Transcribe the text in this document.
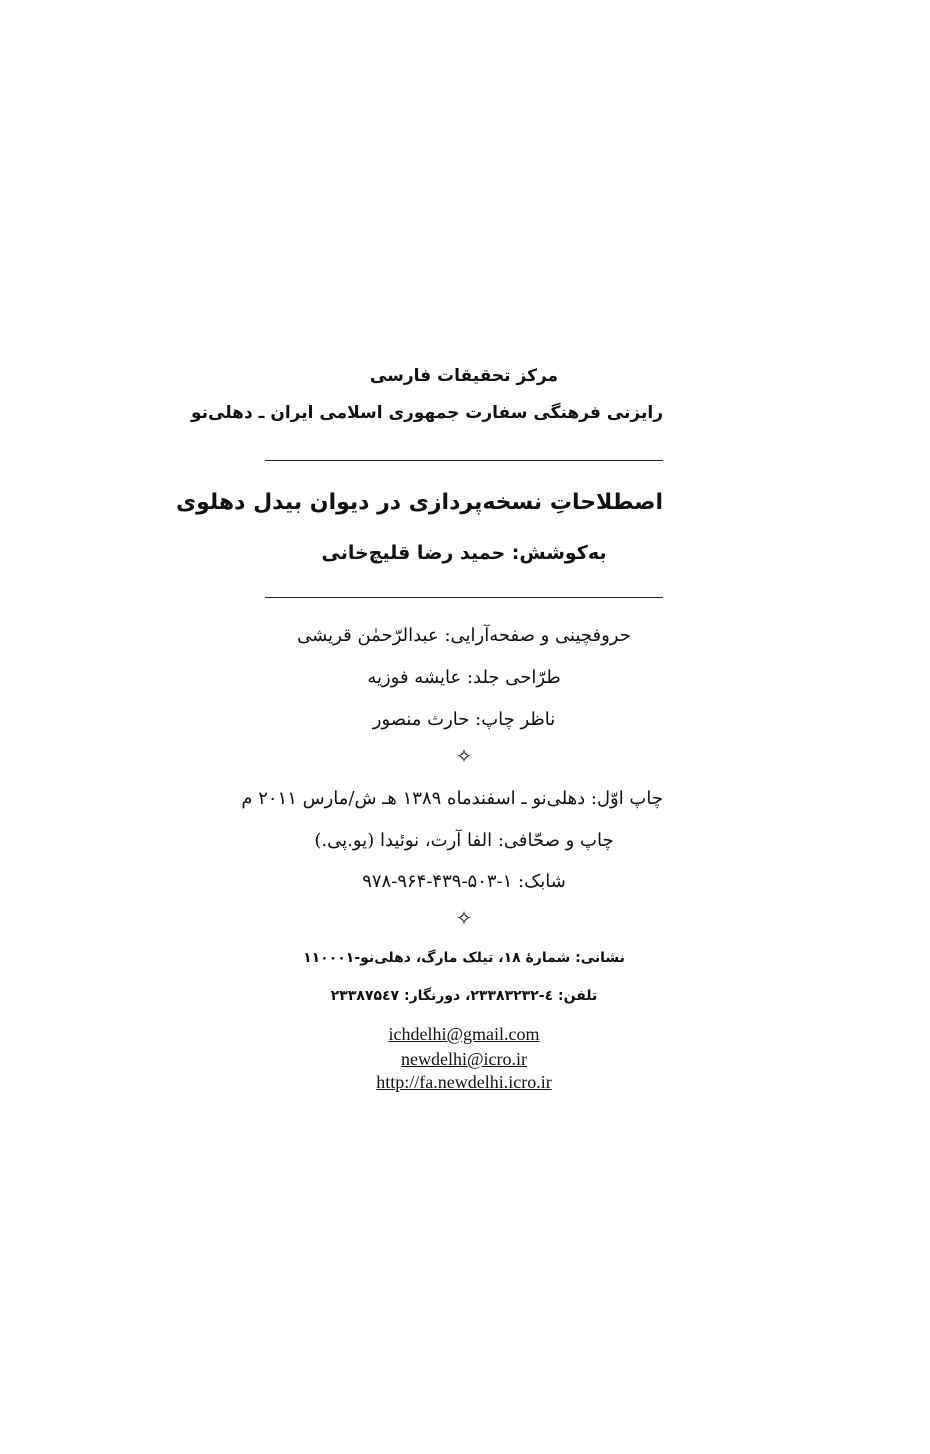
مرکز تحقیقات فارسی
رایزنی فرهنگی سفارت جمهوری اسلامی ایران ـ دهلی‌نو
اصطلاحاتِ نسخه‌پردازی در دیوان بیدل دهلوی
به‌کوشش: حمید رضا قلیچ‌خانی
حروفچینی و صفحه‌آرایی: عبدالرّحمٰن قریشی
طرّاحی جلد: عایشه فوزیه
ناظر چاپ: حارث منصور
✧
چاپ اوّل: دهلی‌نو ـ اسفندماه ۱۳۸۹ هـ ش/مارس ۲۰۱۱ م
چاپ و صحّافی: الفا آرت، نوئیدا (یو.پی.)
شابک: ۱-۵۰۳-۴۳۹-۹۶۴-۹۷۸
✧
نشانی: شمارهٔ ۱۸، تیلک مارگ، دهلی‌نو-۱۱۰۰۰۱
تلفن: ٤-۲۳۳۸۳۲۳۲، دورنگار: ۲۳۳۸۷۵٤۷
ichdelhi@gmail.com
newdelhi@icro.ir
http://fa.newdelhi.icro.ir
